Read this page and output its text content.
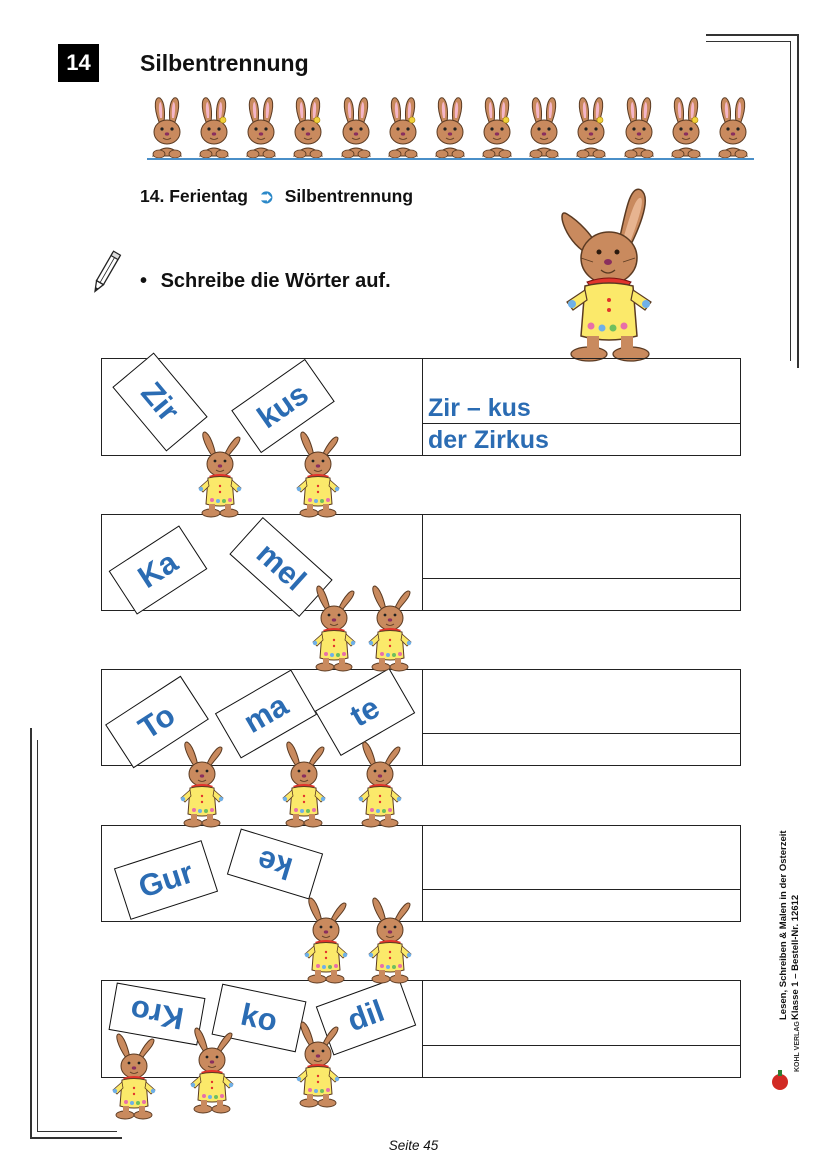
14	Silbentrennung
14. Ferientag ➲ Silbentrennung
• Schreibe die Wörter auf.
Zir – kus
der Zirkus
Zir	kus
Ka	mel
To	ma	te
Gur	ke
Kro	ko	dil	Lesen, Schreiben & Malen in der Osterzeit Klasse 1 – Bestell-Nr. 12612
KOHL VERLAG
Seite 45
